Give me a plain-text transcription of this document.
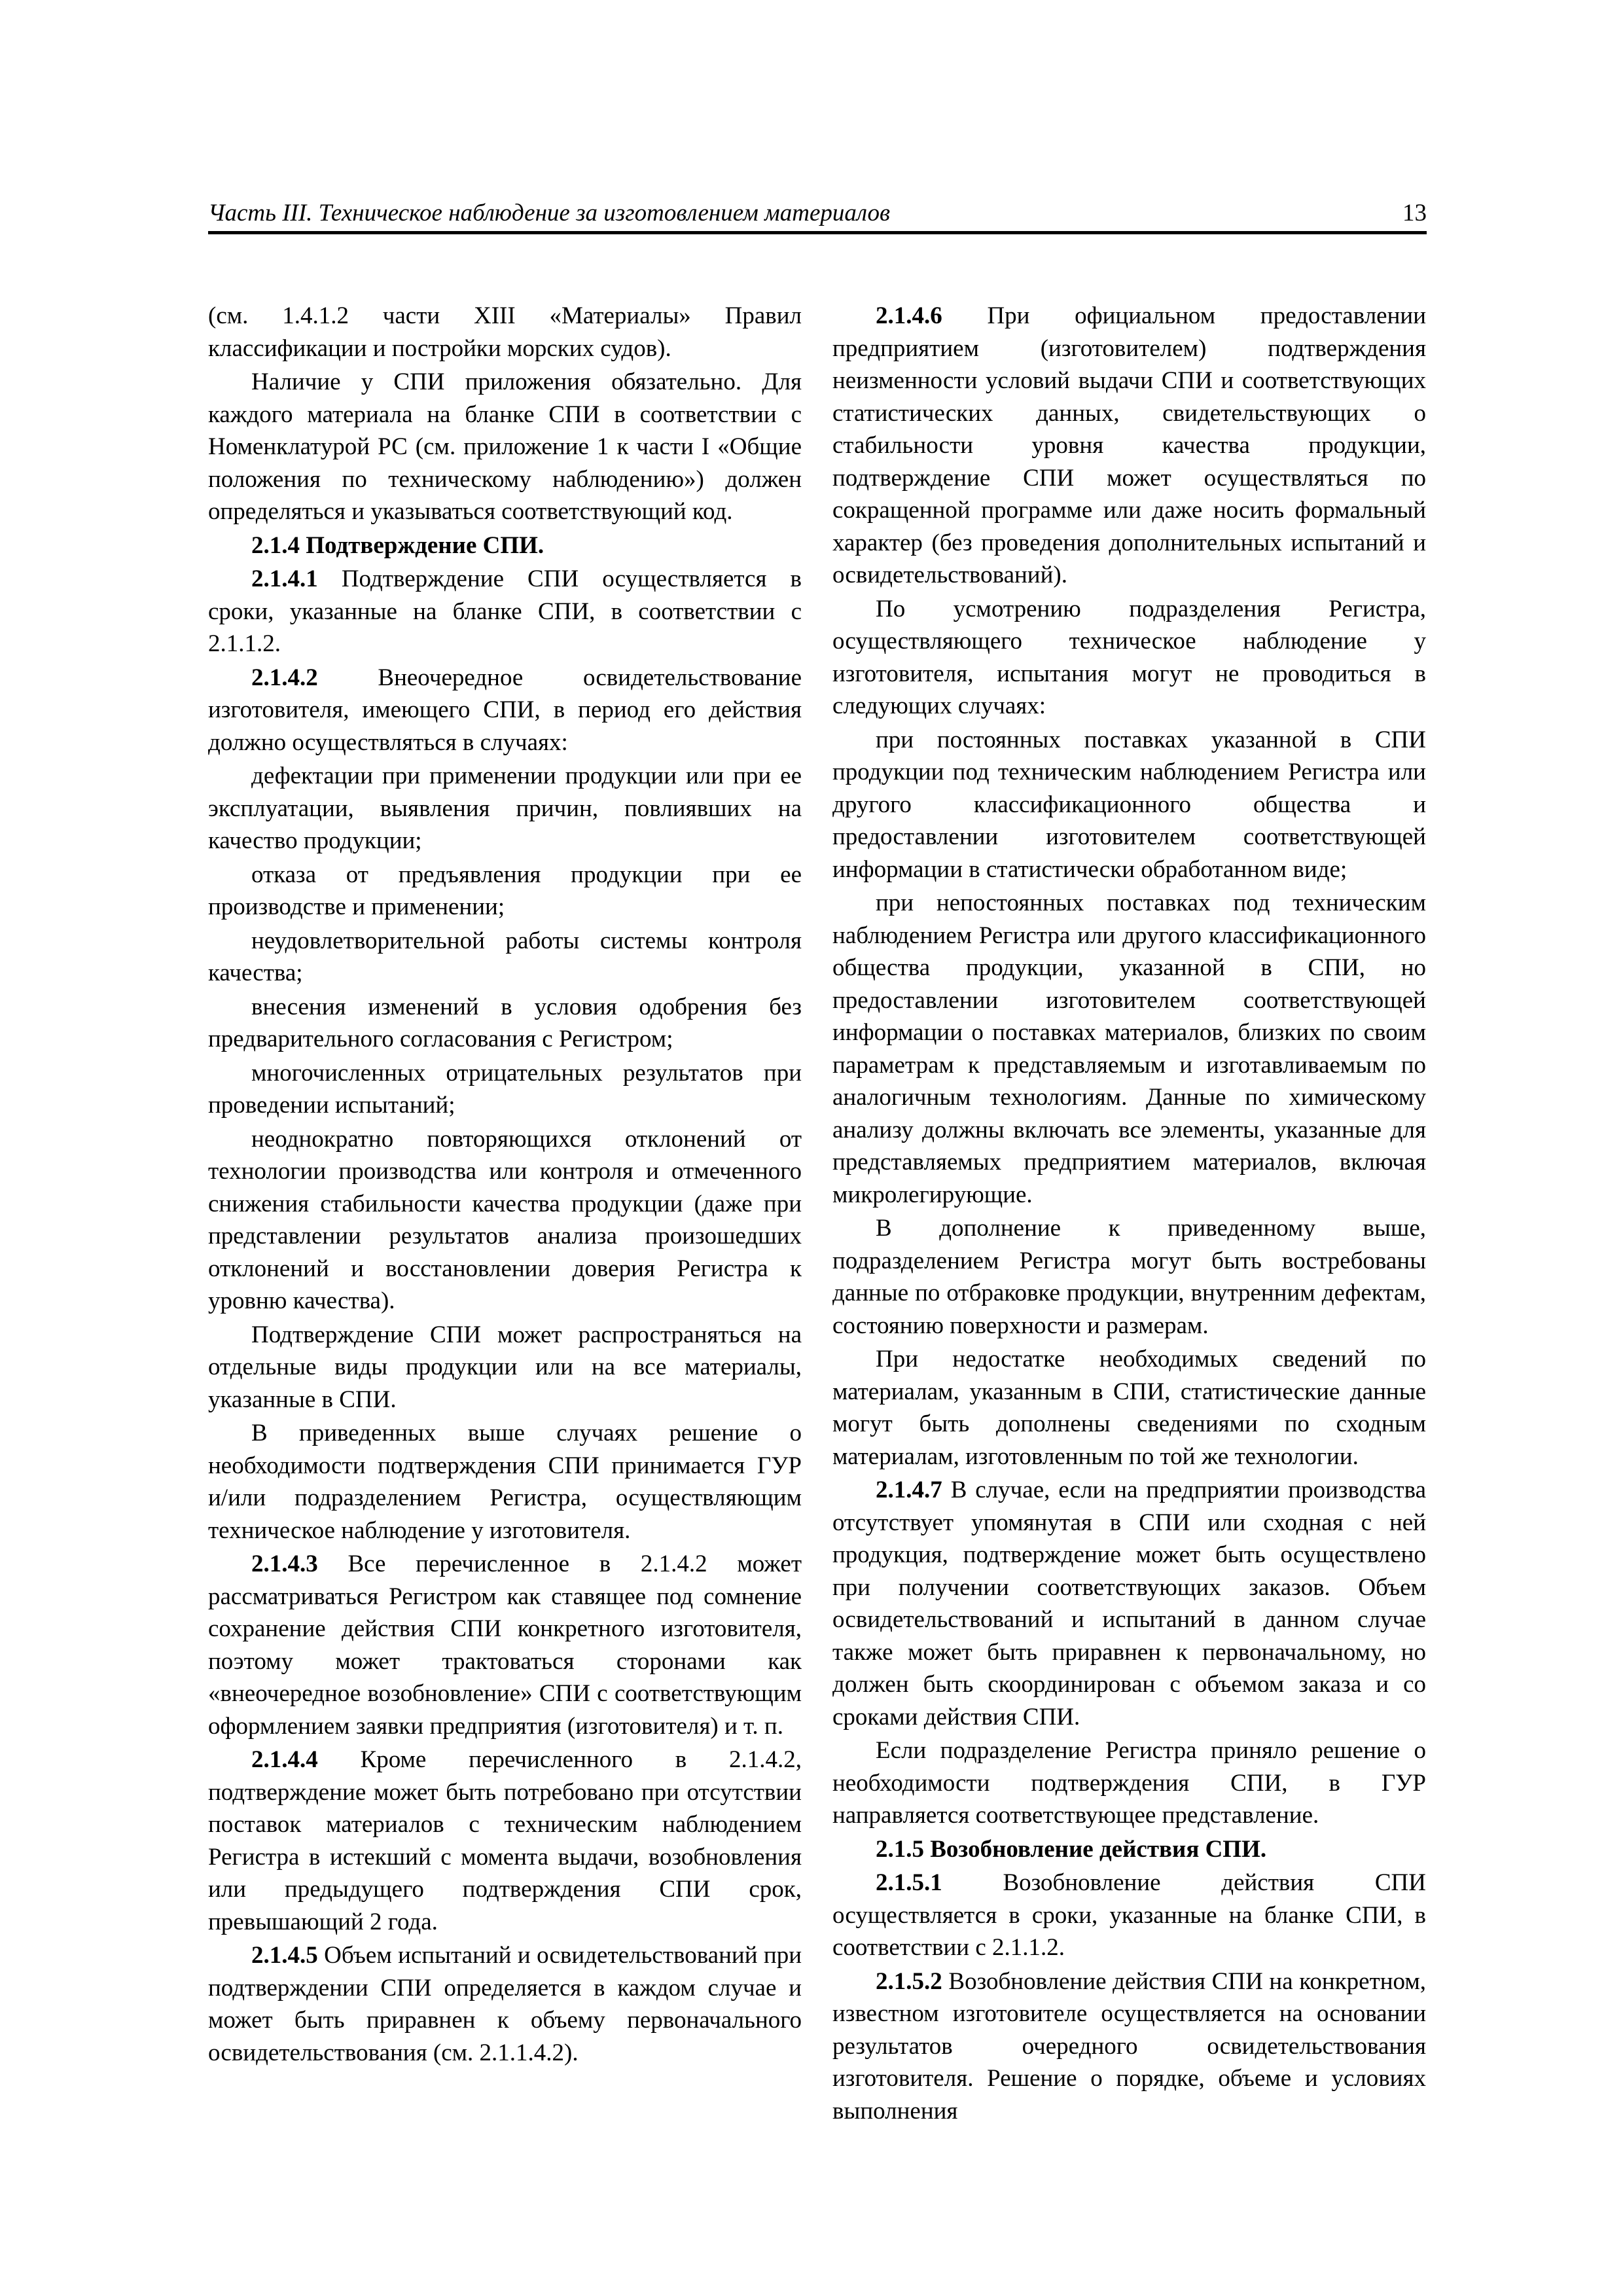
Часть III. Техническое наблюдение за изготовлением материалов	13

(см. 1.4.1.2 части XIII «Материалы» Правил классификации и постройки морских судов).

Наличие у СПИ приложения обязательно. Для каждого материала на бланке СПИ в соответствии с Номенклатурой РС (см. приложение 1 к части I «Общие положения по техническому наблюдению») должен определяться и указываться соответствующий код.

2.1.4 Подтверждение СПИ.

2.1.4.1 Подтверждение СПИ осуществляется в сроки, указанные на бланке СПИ, в соответствии с 2.1.1.2.

2.1.4.2 Внеочередное освидетельствование изготовителя, имеющего СПИ, в период его действия должно осуществляться в случаях:

дефектации при применении продукции или при ее эксплуатации, выявления причин, повлиявших на качество продукции;

отказа от предъявления продукции при ее производстве и применении;

неудовлетворительной работы системы контроля качества;

внесения изменений в условия одобрения без предварительного согласования с Регистром;

многочисленных отрицательных результатов при проведении испытаний;

неоднократно повторяющихся отклонений от технологии производства или контроля и отмеченного снижения стабильности качества продукции (даже при представлении результатов анализа произошедших отклонений и восстановлении доверия Регистра к уровню качества).

Подтверждение СПИ может распространяться на отдельные виды продукции или на все материалы, указанные в СПИ.

В приведенных выше случаях решение о необходимости подтверждения СПИ принимается ГУР и/или подразделением Регистра, осуществляющим техническое наблюдение у изготовителя.

2.1.4.3 Все перечисленное в 2.1.4.2 может рассматриваться Регистром как ставящее под сомнение сохранение действия СПИ конкретного изготовителя, поэтому может трактоваться сторонами как «внеочередное возобновление» СПИ с соответствующим оформлением заявки предприятия (изготовителя) и т. п.

2.1.4.4 Кроме перечисленного в 2.1.4.2, подтверждение может быть потребовано при отсутствии поставок материалов с техническим наблюдением Регистра в истекший с момента выдачи, возобновления или предыдущего подтверждения СПИ срок, превышающий 2 года.

2.1.4.5 Объем испытаний и освидетельствований при подтверждении СПИ определяется в каждом случае и может быть приравнен к объему первоначального освидетельствования (см. 2.1.1.4.2).

2.1.4.6 При официальном предоставлении предприятием (изготовителем) подтверждения неизменности условий выдачи СПИ и соответствующих статистических данных, свидетельствующих о стабильности уровня качества продукции, подтверждение СПИ может осуществляться по сокращенной программе или даже носить формальный характер (без проведения дополнительных испытаний и освидетельствований).

По усмотрению подразделения Регистра, осуществляющего техническое наблюдение у изготовителя, испытания могут не проводиться в следующих случаях:

при постоянных поставках указанной в СПИ продукции под техническим наблюдением Регистра или другого классификационного общества и предоставлении изготовителем соответствующей информации в статистически обработанном виде;

при непостоянных поставках под техническим наблюдением Регистра или другого классификационного общества продукции, указанной в СПИ, но предоставлении изготовителем соответствующей информации о поставках материалов, близких по своим параметрам к представляемым и изготавливаемым по аналогичным технологиям. Данные по химическому анализу должны включать все элементы, указанные для представляемых предприятием материалов, включая микролегирующие.

В дополнение к приведенному выше, подразделением Регистра могут быть востребованы данные по отбраковке продукции, внутренним дефектам, состоянию поверхности и размерам.

При недостатке необходимых сведений по материалам, указанным в СПИ, статистические данные могут быть дополнены сведениями по сходным материалам, изготовленным по той же технологии.

2.1.4.7 В случае, если на предприятии производства отсутствует упомянутая в СПИ или сходная с ней продукция, подтверждение может быть осуществлено при получении соответствующих заказов. Объем освидетельствований и испытаний в данном случае также может быть приравнен к первоначальному, но должен быть скоординирован с объемом заказа и со сроками действия СПИ.

Если подразделение Регистра приняло решение о необходимости подтверждения СПИ, в ГУР направляется соответствующее представление.

2.1.5 Возобновление действия СПИ.

2.1.5.1	Возобновление действия СПИ осуществляется в сроки, указанные на бланке СПИ, в соответствии с 2.1.1.2.

2.1.5.2 Возобновление действия СПИ на конкретном, известном изготовителе осуществляется на основании результатов очередного освидетельствования изготовителя. Решение о порядке, объеме и условиях выполнения
